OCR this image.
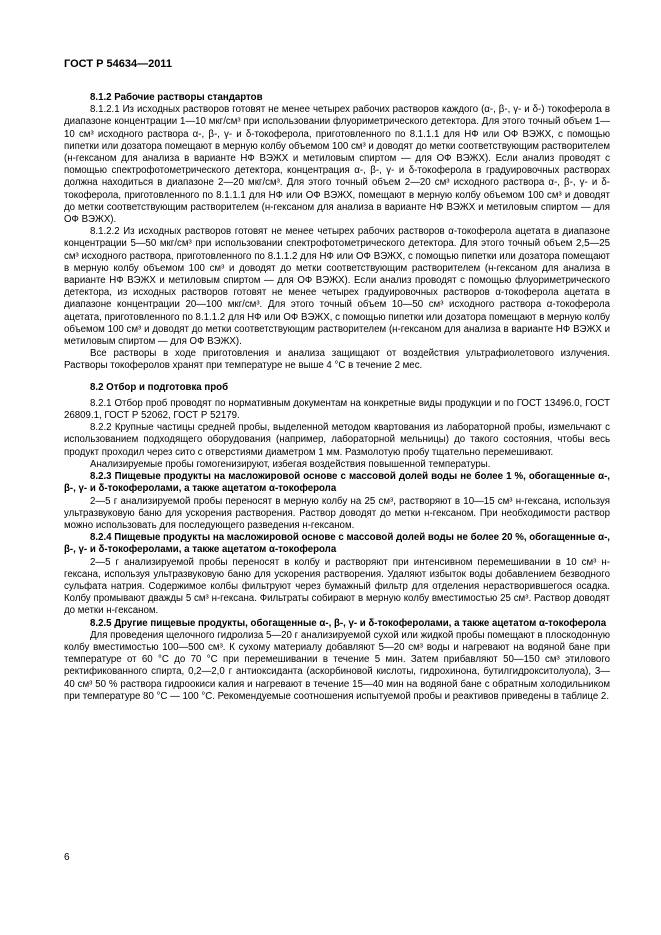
ГОСТ Р 54634—2011
8.1.2 Рабочие растворы стандартов

8.1.2.1 Из исходных растворов готовят не менее четырех рабочих растворов каждого (α-, β-, γ- и δ-) токоферола в диапазоне концентрации 1—10 мкг/см³ при использовании флуориметрического детектора. Для этого точный объем 1—10 см³ исходного раствора α-, β-, γ- и δ-токоферола, приготовленного по 8.1.1.1 для НФ или ОФ ВЭЖХ, с помощью пипетки или дозатора помещают в мерную колбу объемом 100 см³ и доводят до метки соответствующим растворителем (н-гексаном для анализа в варианте НФ ВЭЖХ и метиловым спиртом — для ОФ ВЭЖХ). Если анализ проводят с помощью спектрофотометрического детектора, концентрация α-, β-, γ- и δ-токоферола в градуировочных растворах должна находиться в диапазоне 2—20 мкг/см³. Для этого точный объем 2—20 см³ исходного раствора α-, β-, γ- и δ-токоферола, приготовленного по 8.1.1.1 для НФ или ОФ ВЭЖХ, помещают в мерную колбу объемом 100 см³ и доводят до метки соответствующим растворителем (н-гексаном для анализа в варианте НФ ВЭЖХ и метиловым спиртом — для ОФ ВЭЖХ).

8.1.2.2 Из исходных растворов готовят не менее четырех рабочих растворов α-токоферола ацетата в диапазоне концентрации 5—50 мкг/см³ при использовании спектрофотометрического детектора. Для этого точный объем 2,5—25 см³ исходного раствора, приготовленного по 8.1.1.2 для НФ или ОФ ВЭЖХ, с помощью пипетки или дозатора помещают в мерную колбу объемом 100 см³ и доводят до метки соответствующим растворителем (н-гексаном для анализа в варианте НФ ВЭЖХ и метиловым спиртом — для ОФ ВЭЖХ). Если анализ проводят с помощью флуориметрического детектора, из исходных растворов готовят не менее четырех градуировочных растворов α-токоферола ацетата в диапазоне концентрации 20—100 мкг/см³. Для этого точный объем 10—50 см³ исходного раствора α-токоферола ацетата, приготовленного по 8.1.1.2 для НФ или ОФ ВЭЖХ, с помощью пипетки или дозатора помещают в мерную колбу объемом 100 см³ и доводят до метки соответствующим растворителем (н-гексаном для анализа в варианте НФ ВЭЖХ и метиловым спиртом — для ОФ ВЭЖХ).

Все растворы в ходе приготовления и анализа защищают от воздействия ультрафиолетового излучения. Растворы токоферолов хранят при температуре не выше 4 °С в течение 2 мес.

8.2 Отбор и подготовка проб

8.2.1 Отбор проб проводят по нормативным документам на конкретные виды продукции и по ГОСТ 13496.0, ГОСТ 26809.1, ГОСТ Р 52062, ГОСТ Р 52179.

8.2.2 Крупные частицы средней пробы, выделенной методом квартования из лабораторной пробы, измельчают с использованием подходящего оборудования (например, лабораторной мельницы) до такого состояния, чтобы весь продукт проходил через сито с отверстиями диаметром 1 мм. Размолотую пробу тщательно перемешивают.

Анализируемые пробы гомогенизируют, избегая воздействия повышенной температуры.

8.2.3 Пищевые продукты на масложировой основе с массовой долей воды не более 1 %, обогащенные α-, β-, γ- и δ-токоферолами, а также ацетатом α-токоферола

2—5 г анализируемой пробы переносят в мерную колбу на 25 см³, растворяют в 10—15 см³ н-гексана, используя ультразвуковую баню для ускорения растворения. Раствор доводят до метки н-гексаном. При необходимости раствор можно использовать для последующего разведения н-гексаном.

8.2.4 Пищевые продукты на масложировой основе с массовой долей воды не более 20 %, обогащенные α-, β-, γ- и δ-токоферолами, а также ацетатом α-токоферола

2—5 г анализируемой пробы переносят в колбу и растворяют при интенсивном перемешивании в 10 см³ н-гексана, используя ультразвуковую баню для ускорения растворения. Удаляют избыток воды добавлением безводного сульфата натрия. Содержимое колбы фильтруют через бумажный фильтр для отделения нерастворившегося осадка. Колбу промывают дважды 5 см³ н-гексана. Фильтраты собирают в мерную колбу вместимостью 25 см³. Раствор доводят до метки н-гексаном.

8.2.5 Другие пищевые продукты, обогащенные α-, β-, γ- и δ-токоферолами, а также ацетатом α-токоферола

Для проведения щелочного гидролиза 5—20 г анализируемой сухой или жидкой пробы помещают в плоскодонную колбу вместимостью 100—500 см³. К сухому материалу добавляют 5—20 см³ воды и нагревают на водяной бане при температуре от 60 °С до 70 °С при перемешивании в течение 5 мин. Затем прибавляют 50—150 см³ этилового ректификованного спирта, 0,2—2,0 г антиоксиданта (аскорбиновой кислоты, гидрохинона, бутилгидрокситолуола), 3—40 см³ 50 % раствора гидроокиси калия и нагревают в течение 15—40 мин на водяной бане с обратным холодильником при температуре 80 °С — 100 °С. Рекомендуемые соотношения испытуемой пробы и реактивов приведены в таблице 2.

6
